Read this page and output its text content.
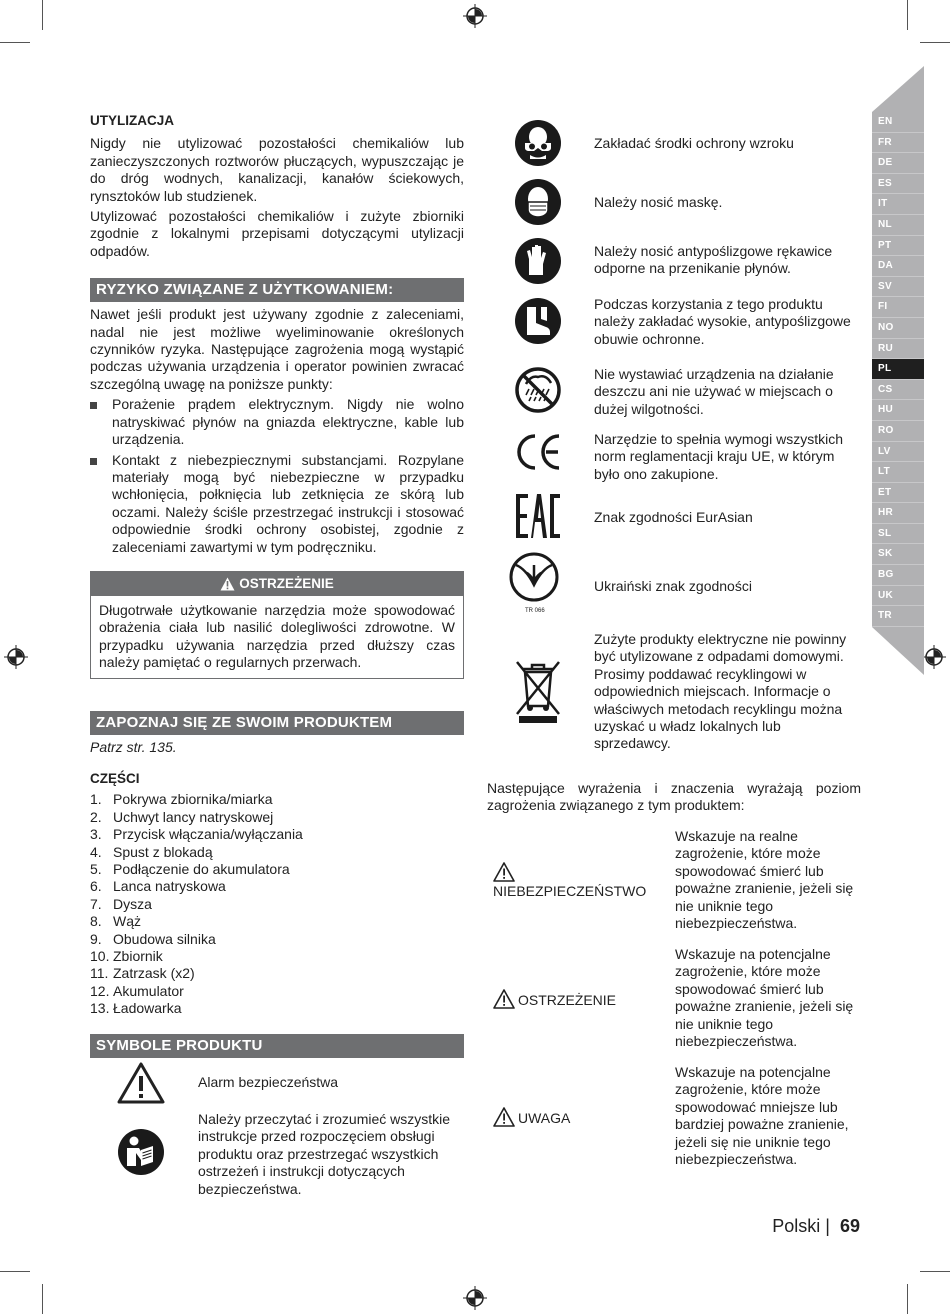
EN
FR
DE
ES
IT
NL
PT
DA
SV
FI
NO
RU
PL
CS
HU
RO
LV
LT
ET
HR
SL
SK
BG
UK
TR
UTYLIZACJA

Nigdy nie utylizować pozostałości chemikaliów lub zanieczyszczonych roztworów płuczących, wypuszczając je do dróg wodnych, kanalizacji, kanałów ściekowych, rynsztoków lub studzienek.

Utylizować pozostałości chemikaliów i zużyte zbiorniki zgodnie z lokalnymi przepisami dotyczącymi utylizacji odpadów.

RYZYKO ZWIĄZANE Z UŻYTKOWANIEM:

Nawet jeśli produkt jest używany zgodnie z zaleceniami, nadal nie jest możliwe wyeliminowanie określonych czynników ryzyka. Następujące zagrożenia mogą wystąpić podczas używania urządzenia i operator powinien zwracać szczególną uwagę na poniższe punkty:

Porażenie prądem elektrycznym. Nigdy nie wolno natryskiwać płynów na gniazda elektryczne, kable lub urządzenia.
Kontakt z niebezpiecznymi substancjami. Rozpylane materiały mogą być niebezpieczne w przypadku wchłonięcia, połknięcia lub zetknięcia ze skórą lub oczami. Należy ściśle przestrzegać instrukcji i stosować odpowiednie środki ochrony osobistej, zgodnie z zaleceniami zawartymi w tym podręczniku.
OSTRZEŻENIE
Długotrwałe użytkowanie narzędzia może spowodować obrażenia ciała lub nasilić dolegliwości zdrowotne. W przypadku używania narzędzia przed dłuższy czas należy pamiętać o regularnych przerwach.
ZAPOZNAJ SIĘ ZE SWOIM PRODUKTEM

Patrz str. 135.

CZĘŚCI
1. Pokrywa zbiornika/miarka
2. Uchwyt lancy natryskowej
3. Przycisk włączania/wyłączania
4. Spust z blokadą
5. Podłączenie do akumulatora
6. Lanca natryskowa
7. Dysza
8. Wąż
9. Obudowa silnika
10. Zbiornik
11. Zatrzask (x2)
12. Akumulator
13. Ładowarka
SYMBOLE PRODUKTU
Alarm bezpieczeństwa
Należy przeczytać i zrozumieć wszystkie instrukcje przed rozpoczęciem obsługi produktu oraz przestrzegać wszystkich ostrzeżeń i instrukcji dotyczących bezpieczeństwa.
Zakładać środki ochrony wzroku
Należy nosić maskę.
Należy nosić antypoślizgowe rękawice odporne na przenikanie płynów.
Podczas korzystania z tego produktu należy zakładać wysokie, antypoślizgowe obuwie ochronne.
Nie wystawiać urządzenia na działanie deszczu ani nie używać w miejscach o dużej wilgotności.
Narzędzie to spełnia wymogi wszystkich norm reglamentacji kraju UE, w którym było ono zakupione.
Znak zgodności EurAsian
TR 066
Ukraiński znak zgodności
Zużyte produkty elektryczne nie powinny być utylizowane z odpadami domowymi. Prosimy poddawać recyklingowi w odpowiednich miejscach. Informacje o właściwych metodach recyklingu można uzyskać u władz lokalnych lub sprzedawcy.
Następujące wyrażenia i znaczenia wyrażają poziom zagrożenia związanego z tym produktem:
NIEBEZPIECZEŃSTWO
Wskazuje na realne zagrożenie, które może spowodować śmierć lub poważne zranienie, jeżeli się nie uniknie tego niebezpieczeństwa.
OSTRZEŻENIE
Wskazuje na potencjalne zagrożenie, które może spowodować śmierć lub poważne zranienie, jeżeli się nie uniknie tego niebezpieczeństwa.
UWAGA
Wskazuje na potencjalne zagrożenie, które może spowodować mniejsze lub bardziej poważne zranienie, jeżeli się nie uniknie tego niebezpieczeństwa.
Polski | 69
